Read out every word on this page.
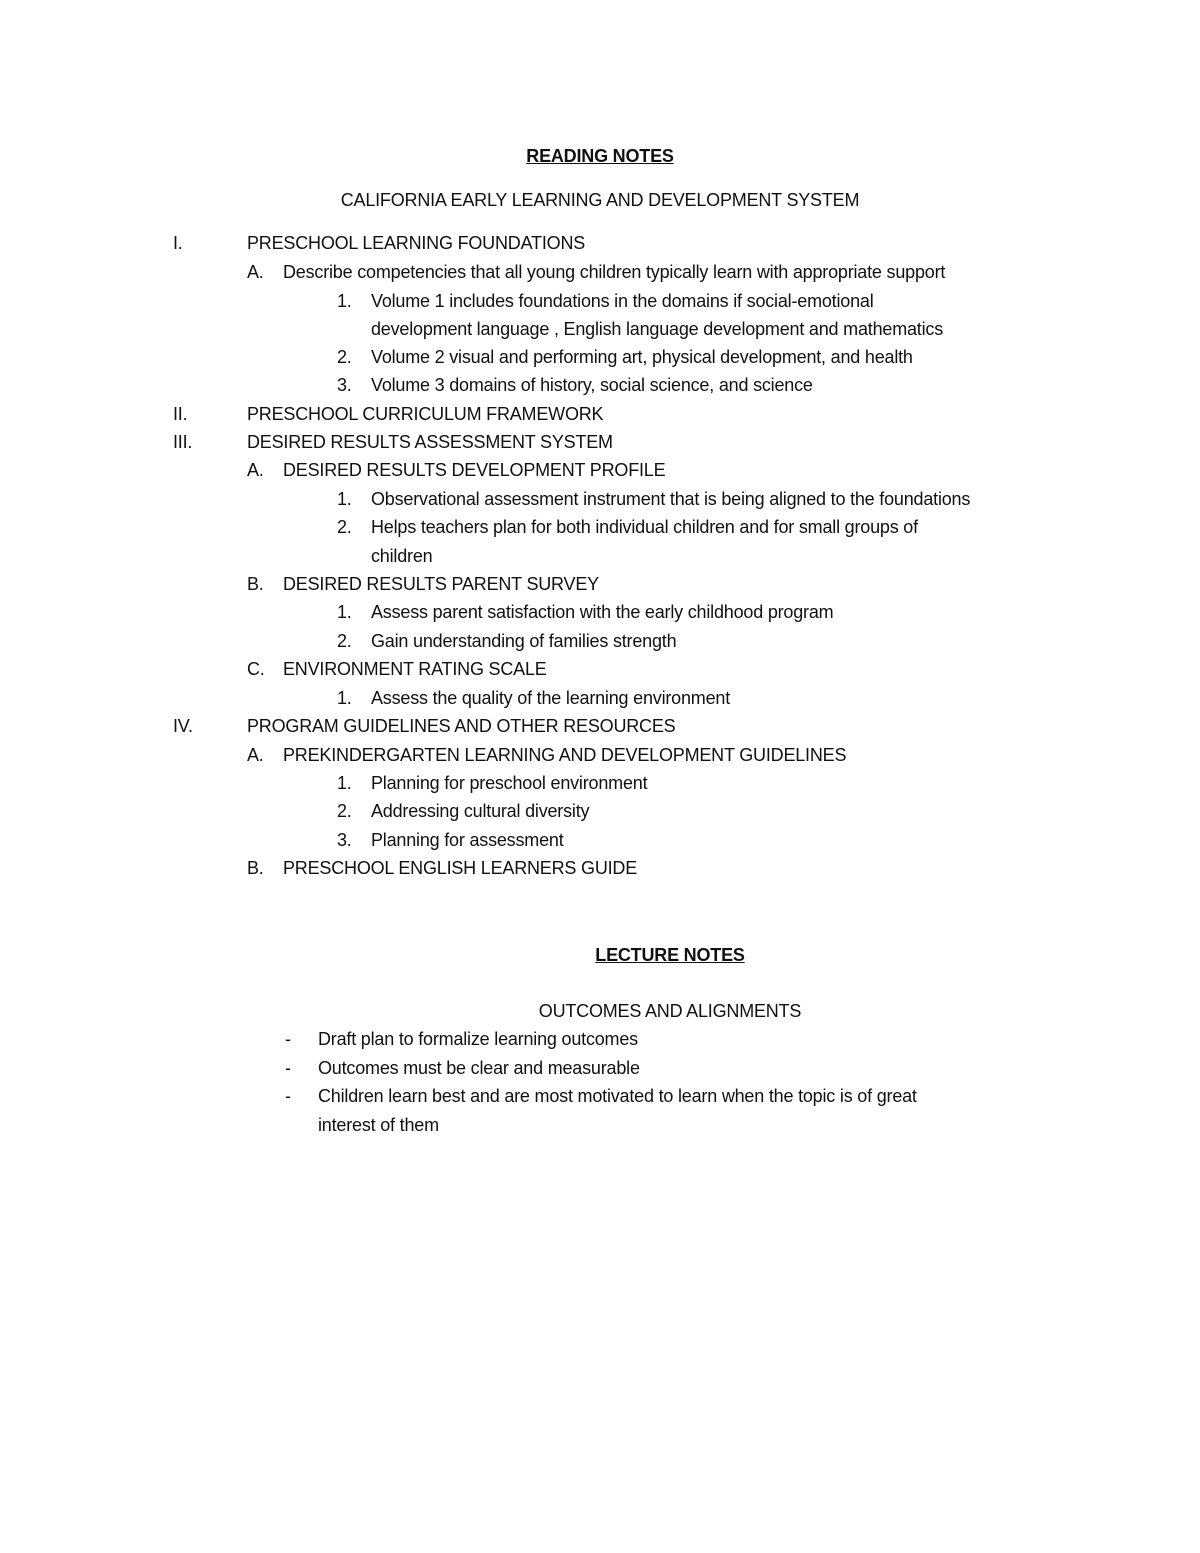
READING NOTES
CALIFORNIA EARLY LEARNING AND DEVELOPMENT SYSTEM
I.	PRESCHOOL LEARNING FOUNDATIONS
A. Describe competencies that all young children typically learn with appropriate support
1. Volume 1 includes foundations in the domains if social-emotional
development language , English language development and mathematics
2. Volume 2 visual and performing art, physical development, and health
3. Volume 3 domains of history, social science, and science
II.	PRESCHOOL CURRICULUM FRAMEWORK
III.	DESIRED RESULTS ASSESSMENT SYSTEM
A. DESIRED RESULTS DEVELOPMENT PROFILE
1. Observational assessment instrument that is being aligned to the foundations
2. Helps teachers plan for both individual children and for small groups of
children
B. DESIRED RESULTS PARENT SURVEY
1. Assess parent satisfaction with the early childhood program
2. Gain understanding of families strength
C. ENVIRONMENT RATING SCALE
1. Assess the quality of the learning environment
IV.	PROGRAM GUIDELINES AND OTHER RESOURCES
A. PREKINDERGARTEN LEARNING AND DEVELOPMENT GUIDELINES
1. Planning for preschool environment
2. Addressing cultural diversity
3. Planning for assessment
B. PRESCHOOL ENGLISH LEARNERS GUIDE
LECTURE NOTES
OUTCOMES AND ALIGNMENTS
- Draft plan to formalize learning outcomes
- Outcomes must be clear and measurable
- Children learn best and are most motivated to learn when the topic is of great
interest of them
